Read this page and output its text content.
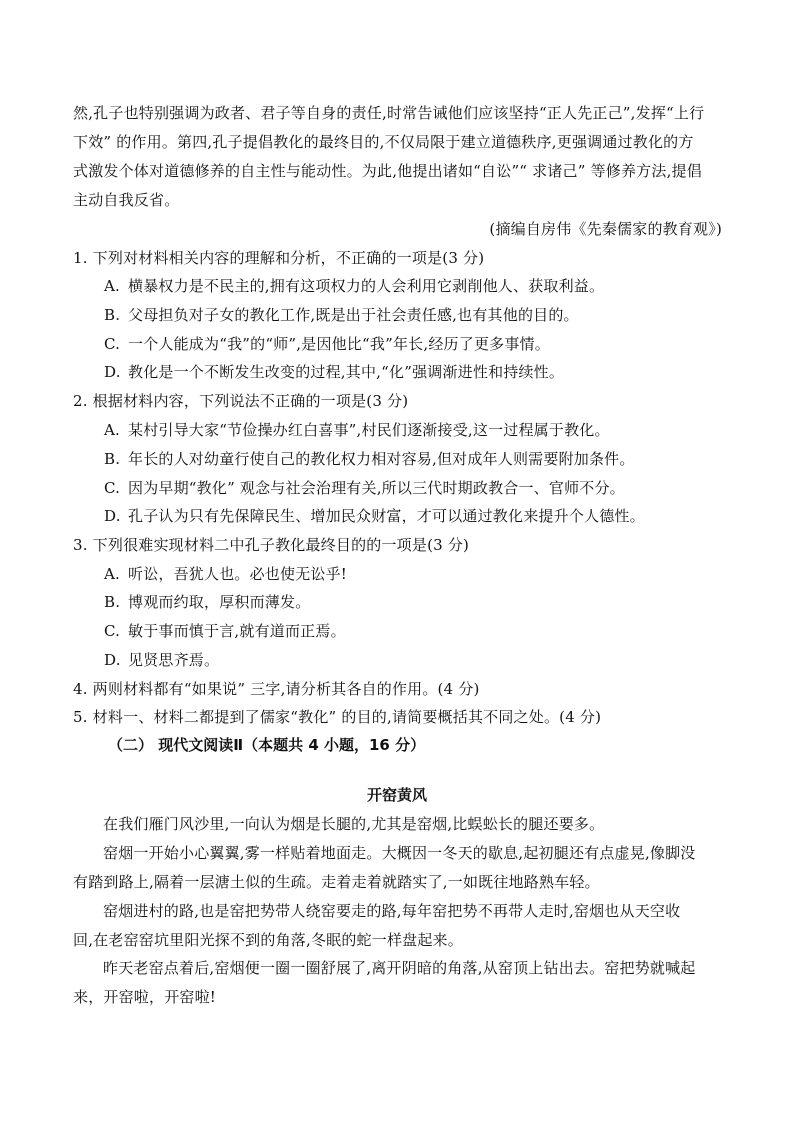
然,孔子也特别强调为政者、君子等自身的责任,时常告诫他们应该坚持“正人先正己”,发挥“上行
下效” 的作用。第四,孔子提倡教化的最终目的,不仅局限于建立道德秩序,更强调通过教化的方
式激发个体对道德修养的自主性与能动性。为此,他提出诸如“自讼”“ 求诸己” 等修养方法,提倡
主动自我反省。
(摘编自房伟《先秦儒家的教育观》)
1. 下列对材料相关内容的理解和分析，不正确的一项是(3 分)
A. 横暴权力是不民主的,拥有这项权力的人会利用它剥削他人、获取利益。
B. 父母担负对子女的教化工作,既是出于社会责任感,也有其他的目的。
C. 一个人能成为“我”的“师”,是因他比“我”年长,经历了更多事情。
D. 教化是一个不断发生改变的过程,其中,“化”强调渐进性和持续性。
2. 根据材料内容，下列说法不正确的一项是(3 分)
A. 某村引导大家“节俭操办红白喜事”,村民们逐渐接受,这一过程属于教化。
B. 年长的人对幼童行使自己的教化权力相对容易,但对成年人则需要附加条件。
C. 因为早期“教化” 观念与社会治理有关,所以三代时期政教合一、官师不分。
D. 孔子认为只有先保障民生、增加民众财富，才可以通过教化来提升个人德性。
3. 下列很难实现材料二中孔子教化最终目的的一项是(3 分)
A. 听讼，吾犹人也。必也使无讼乎!
B. 博观而约取，厚积而薄发。
C. 敏于事而慎于言,就有道而正焉。
D. 见贤思齐焉。
4. 两则材料都有“如果说” 三字,请分析其各自的作用。(4 分)
5. 材料一、材料二都提到了儒家“教化” 的目的,请简要概括其不同之处。(4 分)
（二） 现代文阅读Ⅱ（本题共 4 小题，16 分）
开窑黄风
在我们雁门风沙里,一向认为烟是长腿的,尤其是窑烟,比蜈蚣长的腿还要多。
窑烟一开始小心翼翼,雾一样贴着地面走。大概因一冬天的歇息,起初腿还有点虚晃,像脚没
有踏到路上,隔着一层溏土似的生疏。走着走着就踏实了,一如既往地路熟车轻。
窑烟进村的路,也是窑把势带人绕窑要走的路,每年窑把势不再带人走时,窑烟也从天空收
回,在老窑窑坑里阳光探不到的角落,冬眠的蛇一样盘起来。
昨天老窑点着后,窑烟便一圈一圈舒展了,离开阴暗的角落,从窑顶上钻出去。窑把势就喊起
来，开窑啦，开窑啦!
